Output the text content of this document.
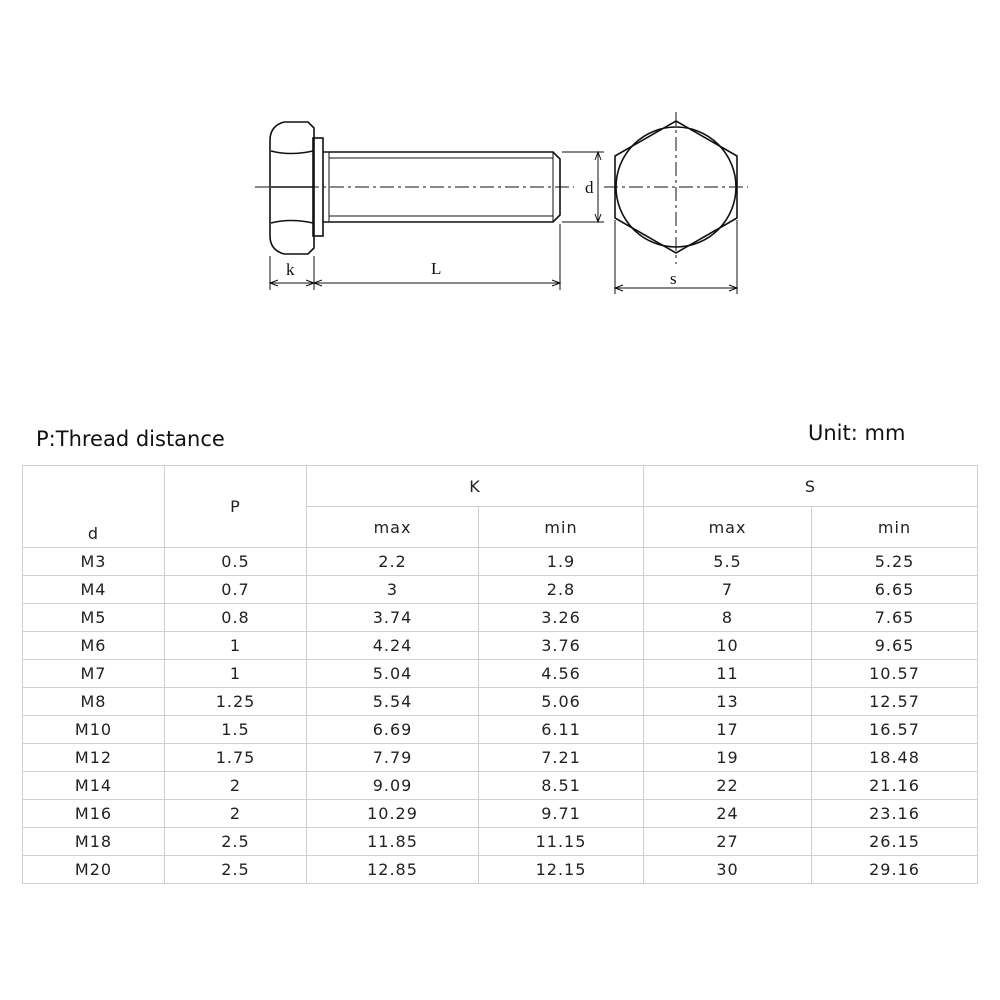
d
k	L
s
P:Thread distance	Unit: mm
d	P	K		S	
		max	min	max	min
M3	0.5	2.2	1.9	5.5	5.25
M4	0.7	3	2.8	7	6.65
M5	0.8	3.74	3.26	8	7.65
M6	1	4.24	3.76	10	9.65
M7	1	5.04	4.56	11	10.57
M8	1.25	5.54	5.06	13	12.57
M10	1.5	6.69	6.11	17	16.57
M12	1.75	7.79	7.21	19	18.48
M14	2	9.09	8.51	22	21.16
M16	2	10.29	9.71	24	23.16
M18	2.5	11.85	11.15	27	26.15
M20	2.5	12.85	12.15	30	29.16
